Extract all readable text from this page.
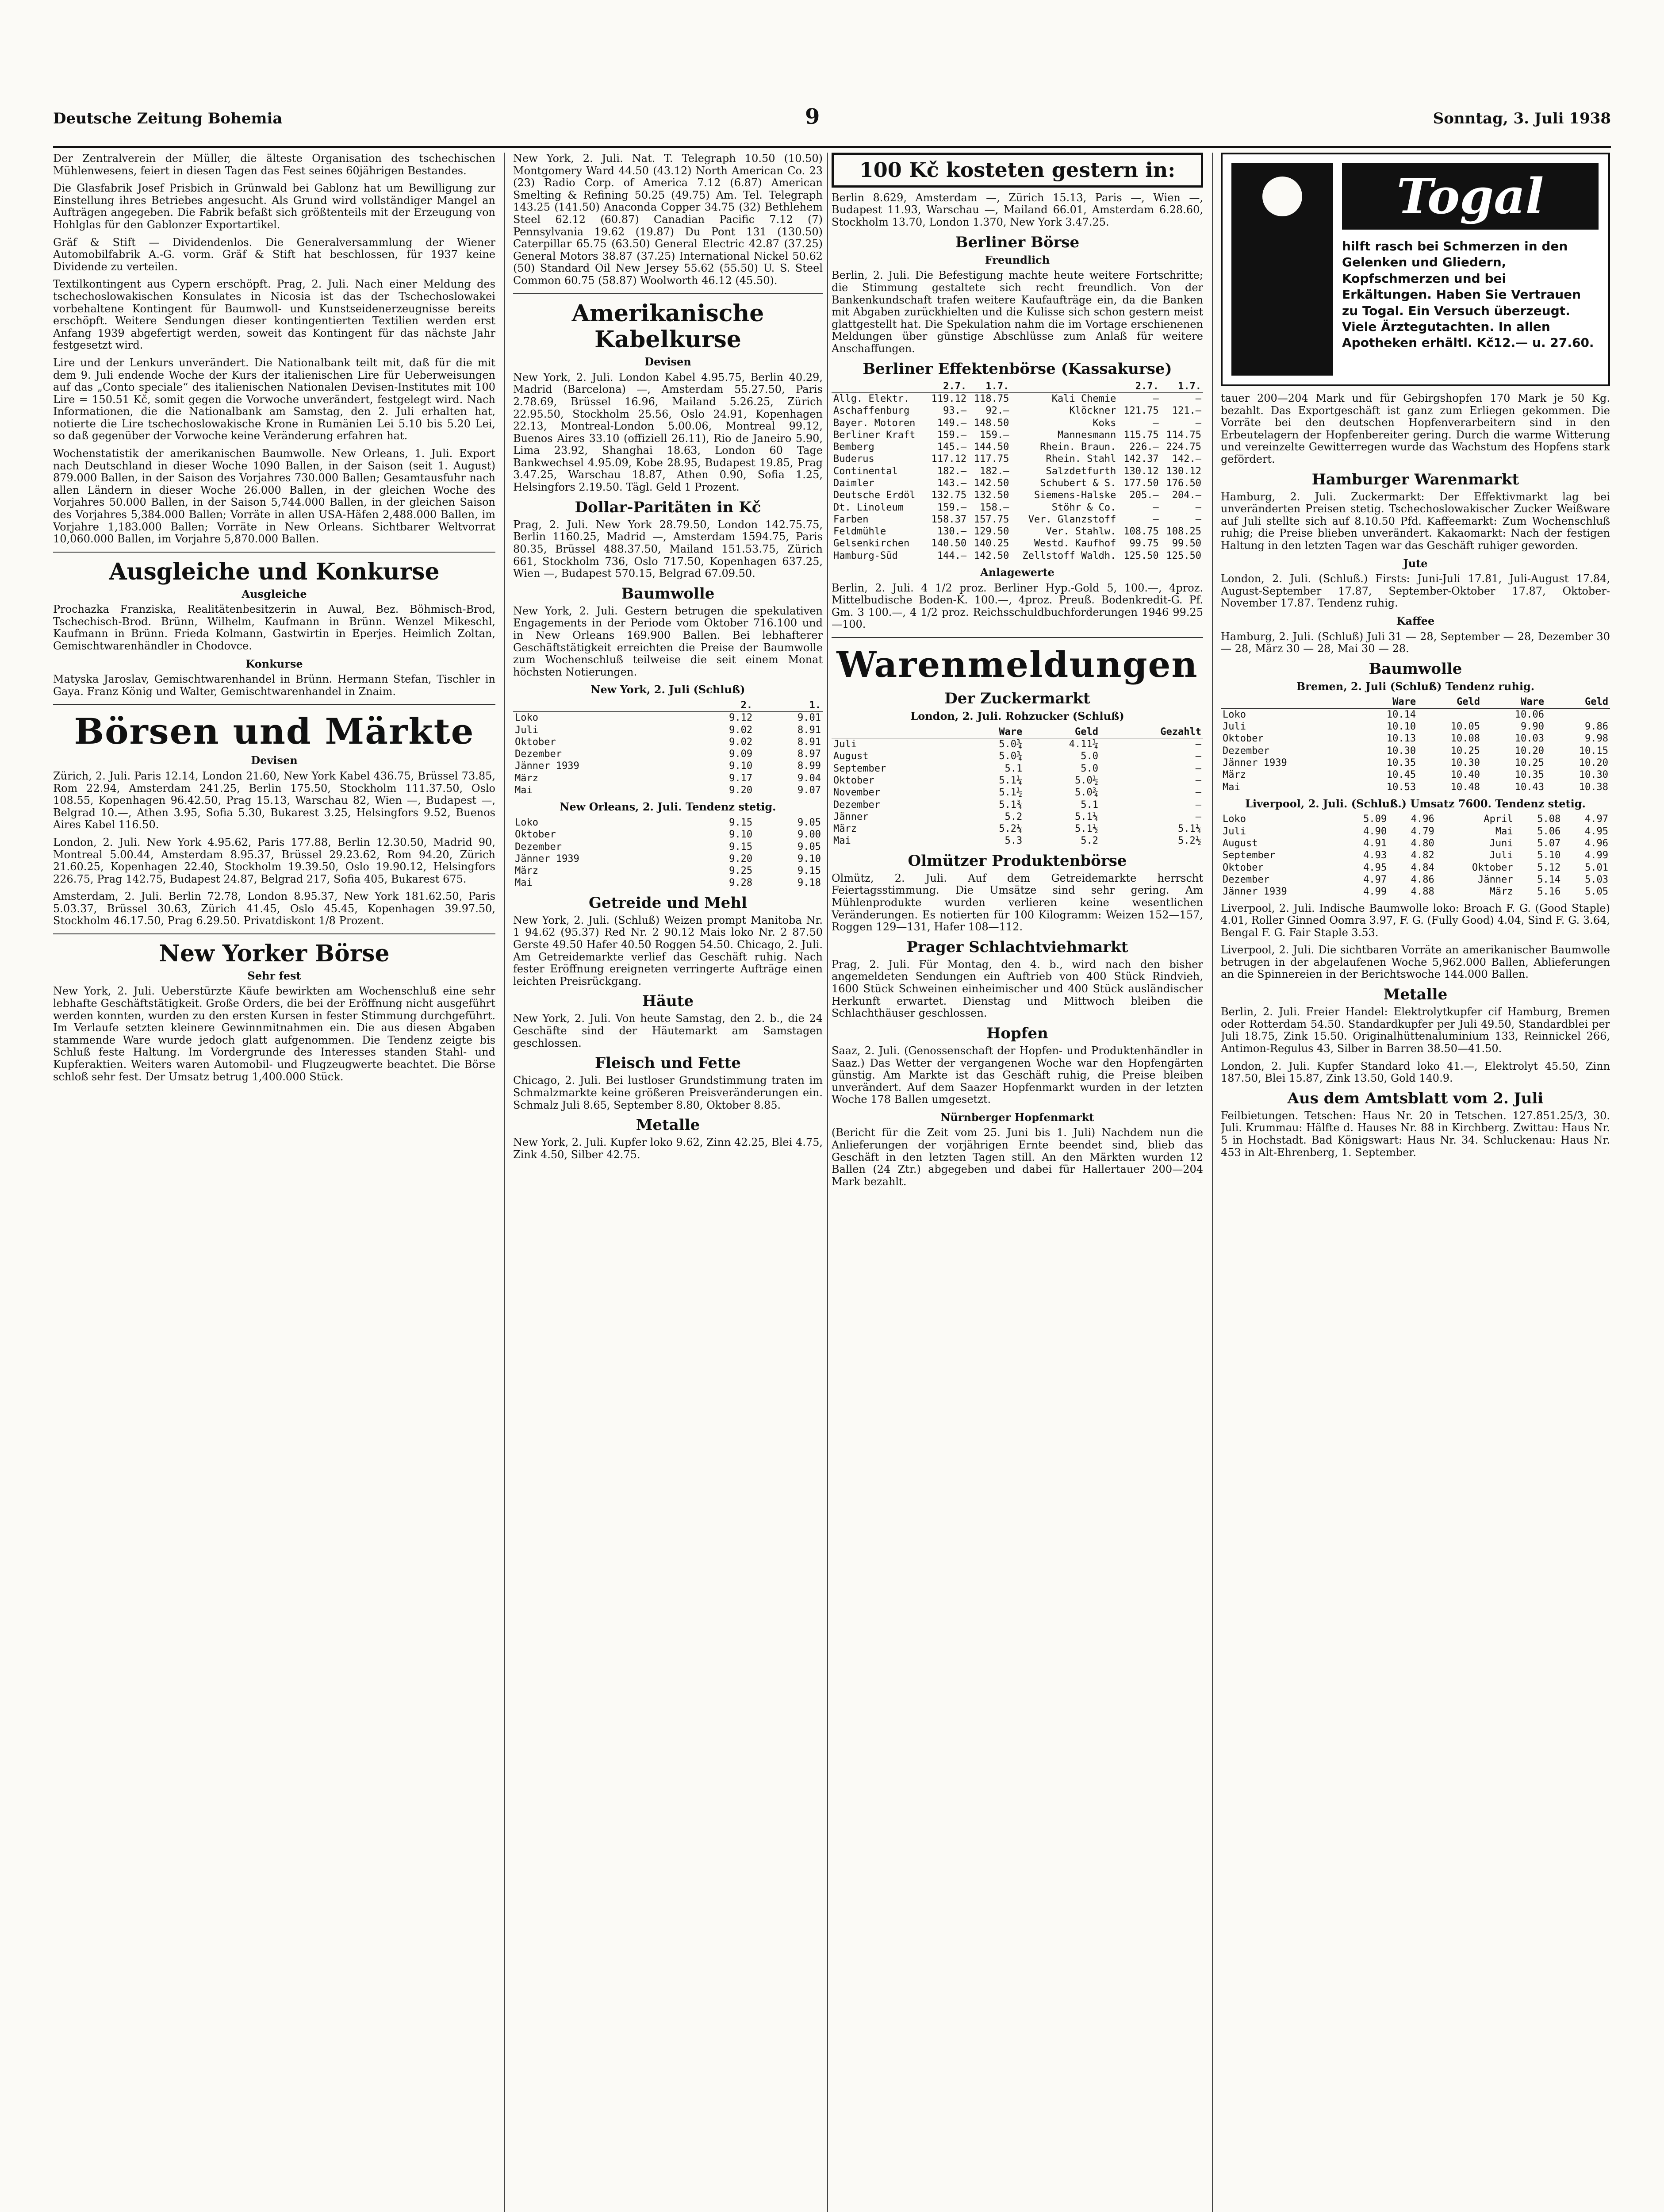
Deutsche Zeitung Bohemia	9	Sonntag, 3. Juli 1938

Der Zentralverein der Müller, die älteste Organisation des tschechischen Mühlenwesens, feiert in diesen Tagen das Fest seines 60jährigen Bestandes.

Die Glasfabrik Josef Prisbich in Grünwald bei Gablonz hat um Bewilligung zur Einstellung ihres Betriebes angesucht. Als Grund wird vollständiger Mangel an Aufträgen angegeben. Die Fabrik befaßt sich größtenteils mit der Erzeugung von Hohlglas für den Gablonzer Exportartikel.

Gräf & Stift — Dividendenlos. Die Generalversammlung der Wiener Automobilfabrik A.-G. vorm. Gräf & Stift hat beschlossen, für 1937 keine Dividende zu verteilen.

Textilkontingent aus Cypern erschöpft. Prag, 2. Juli. Nach einer Meldung des tschechoslowakischen Konsulates in Nicosia ist das der Tschechoslowakei vorbehaltene Kontingent für Baumwoll- und Kunstseidenerzeugnisse bereits erschöpft. Weitere Sendungen dieser kontingentierten Textilien werden erst Anfang 1939 abgefertigt werden, soweit das Kontingent für das nächste Jahr festgesetzt wird.

Lire und der Lenkurs unverändert. Die Nationalbank teilt mit, daß für die mit dem 9. Juli endende Woche der Kurs der italienischen Lire für Ueberweisungen auf das „Conto speciale“ des italienischen Nationalen Devisen-Institutes mit 100 Lire = 150.51 Kč, somit gegen die Vorwoche unverändert, festgelegt wird. Nach Informationen, die die Nationalbank am Samstag, den 2. Juli erhalten hat, notierte die Lire tschechoslowakische Krone in Rumänien Lei 5.10 bis 5.20 Lei, so daß gegenüber der Vorwoche keine Veränderung erfahren hat.

Wochenstatistik der amerikanischen Baumwolle. New Orleans, 1. Juli. Export nach Deutschland in dieser Woche 1090 Ballen, in der Saison (seit 1. August) 879.000 Ballen, in der Saison des Vorjahres 730.000 Ballen; Gesamtausfuhr nach allen Ländern in dieser Woche 26.000 Ballen, in der gleichen Woche des Vorjahres 50.000 Ballen, in der Saison 5,744.000 Ballen, in der gleichen Saison des Vorjahres 5,384.000 Ballen; Vorräte in allen USA-Häfen 2,488.000 Ballen, im Vorjahre 1,183.000 Ballen; Vorräte in New Orleans. Sichtbarer Weltvorrat 10,060.000 Ballen, im Vorjahre 5,870.000 Ballen.

Ausgleiche und Konkurse
Ausgleiche

Prochazka Franziska, Realitätenbesitzerin in Auwal, Bez. Böhmisch-Brod, Tschechisch-Brod. Brünn, Wilhelm, Kaufmann in Brünn. Wenzel Mikeschl, Kaufmann in Brünn. Frieda Kolmann, Gastwirtin in Eperjes. Heimlich Zoltan, Gemischtwarenhändler in Chodovce.

Konkurse

Matyska Jaroslav, Gemischtwarenhandel in Brünn. Hermann Stefan, Tischler in Gaya. Franz König und Walter, Gemischtwarenhandel in Znaim.

Börsen und Märkte
Devisen

Zürich, 2. Juli. Paris 12.14, London 21.60, New York Kabel 436.75, Brüssel 73.85, Rom 22.94, Amsterdam 241.25, Berlin 175.50, Stockholm 111.37.50, Oslo 108.55, Kopenhagen 96.42.50, Prag 15.13, Warschau 82, Wien —, Budapest —, Belgrad 10.—, Athen 3.95, Sofia 5.30, Bukarest 3.25, Helsingfors 9.52, Buenos Aires Kabel 116.50.

London, 2. Juli. New York 4.95.62, Paris 177.88, Berlin 12.30.50, Madrid 90, Montreal 5.00.44, Amsterdam 8.95.37, Brüssel 29.23.62, Rom 94.20, Zürich 21.60.25, Kopenhagen 22.40, Stockholm 19.39.50, Oslo 19.90.12, Helsingfors 226.75, Prag 142.75, Budapest 24.87, Belgrad 217, Sofia 405, Bukarest 675.

Amsterdam, 2. Juli. Berlin 72.78, London 8.95.37, New York 181.62.50, Paris 5.03.37, Brüssel 30.63, Zürich 41.45, Oslo 45.45, Kopenhagen 39.97.50, Stockholm 46.17.50, Prag 6.29.50. Privatdiskont 1/8 Prozent.

New Yorker Börse
Sehr fest

New York, 2. Juli. Ueberstürzte Käufe bewirkten am Wochenschluß eine sehr lebhafte Geschäftstätigkeit. Große Orders, die bei der Eröffnung nicht ausgeführt werden konnten, wurden zu den ersten Kursen in fester Stimmung durchgeführt. Im Verlaufe setzten kleinere Gewinnmitnahmen ein. Die aus diesen Abgaben stammende Ware wurde jedoch glatt aufgenommen. Die Tendenz zeigte bis Schluß feste Haltung. Im Vordergrunde des Interesses standen Stahl- und Kupferaktien. Weiters waren Automobil- und Flugzeugwerte beachtet. Die Börse schloß sehr fest. Der Umsatz betrug 1,400.000 Stück.

New York, 2. Juli. Nat. T. Telegraph 10.50 (10.50) Montgomery Ward 44.50 (43.12) North American Co. 23 (23) Radio Corp. of America 7.12 (6.87) American Smelting & Refining 50.25 (49.75) Am. Tel. Telegraph 143.25 (141.50) Anaconda Copper 34.75 (32) Bethlehem Steel 62.12 (60.87) Canadian Pacific 7.12 (7) Pennsylvania 19.62 (19.87) Du Pont 131 (130.50) Caterpillar 65.75 (63.50) General Electric 42.87 (37.25) General Motors 38.87 (37.25) International Nickel 50.62 (50) Standard Oil New Jersey 55.62 (55.50) U. S. Steel Common 60.75 (58.87) Woolworth 46.12 (45.50).

Amerikanische Kabelkurse
Devisen

New York, 2. Juli. London Kabel 4.95.75, Berlin 40.29, Madrid (Barcelona) —, Amsterdam 55.27.50, Paris 2.78.69, Brüssel 16.96, Mailand 5.26.25, Zürich 22.95.50, Stockholm 25.56, Oslo 24.91, Kopenhagen 22.13, Montreal-London 5.00.06, Montreal 99.12, Buenos Aires 33.10 (offiziell 26.11), Rio de Janeiro 5.90, Lima 23.92, Shanghai 18.63, London 60 Tage Bankwechsel 4.95.09, Kobe 28.95, Budapest 19.85, Prag 3.47.25, Warschau 18.87, Athen 0.90, Sofia 1.25, Helsingfors 2.19.50. Tägl. Geld 1 Prozent.

Dollar-Paritäten in Kč

Prag, 2. Juli. New York 28.79.50, London 142.75.75, Berlin 1160.25, Madrid —, Amsterdam 1594.75, Paris 80.35, Brüssel 488.37.50, Mailand 151.53.75, Zürich 661, Stockholm 736, Oslo 717.50, Kopenhagen 637.25, Wien —, Budapest 570.15, Belgrad 67.09.50.

Baumwolle

New York, 2. Juli. Gestern betrugen die spekulativen Engagements in der Periode vom Oktober 716.100 und in New Orleans 169.900 Ballen. Bei lebhafterer Geschäftstätigkeit erreichten die Preise der Baumwolle zum Wochenschluß teilweise die seit einem Monat höchsten Notierungen.

New York, 2. Juli (Schluß)
	2.	1.
Loko	9.12	9.01
Juli	9.02	8.91
Oktober	9.02	8.91
Dezember	9.09	8.97
Jänner 1939	9.10	8.99
März	9.17	9.04
Mai	9.20	9.07
New Orleans, 2. Juli. Tendenz stetig.
Loko	9.15	9.05
Oktober	9.10	9.00
Dezember	9.15	9.05
Jänner 1939	9.20	9.10
März	9.25	9.15
Mai	9.28	9.18
Getreide und Mehl

New York, 2. Juli. (Schluß) Weizen prompt Manitoba Nr. 1 94.62 (95.37) Red Nr. 2 90.12 Mais loko Nr. 2 87.50 Gerste 49.50 Hafer 40.50 Roggen 54.50. Chicago, 2. Juli. Am Getreidemarkte verlief das Geschäft ruhig. Nach fester Eröffnung ereigneten verringerte Aufträge einen leichten Preisrückgang.

Häute

New York, 2. Juli. Von heute Samstag, den 2. b., die 24 Geschäfte sind der Häutemarkt am Samstagen geschlossen.

Fleisch und Fette

Chicago, 2. Juli. Bei lustloser Grundstimmung traten im Schmalzmarkte keine größeren Preisveränderungen ein. Schmalz Juli 8.65, September 8.80, Oktober 8.85.

Metalle

New York, 2. Juli. Kupfer loko 9.62, Zinn 42.25, Blei 4.75, Zink 4.50, Silber 42.75.

100 Kč kosteten gestern in:

Berlin 8.629, Amsterdam —, Zürich 15.13, Paris —, Wien —, Budapest 11.93, Warschau —, Mailand 66.01, Amsterdam 6.28.60, Stockholm 13.70, London 1.370, New York 3.47.25.

Berliner Börse
Freundlich

Berlin, 2. Juli. Die Befestigung machte heute weitere Fortschritte; die Stimmung gestaltete sich recht freundlich. Von der Bankenkundschaft trafen weitere Kaufaufträge ein, da die Banken mit Abgaben zurückhielten und die Kulisse sich schon gestern meist glattgestellt hat. Die Spekulation nahm die im Vortage erschienenen Meldungen über günstige Abschlüsse zum Anlaß für weitere Anschaffungen.

Berliner Effektenbörse (Kassakurse)
	2.7.	1.7.		2.7.	1.7.
Allg. Elektr.	119.12	118.75	Kali Chemie	—	—
Aschaffenburg	93.—	92.—	Klöckner	121.75	121.—
Bayer. Motoren	149.—	148.50	Koks	—	—
Berliner Kraft	159.—	159.—	Mannesmann	115.75	114.75
Bemberg	145.—	144.50	Rhein. Braun.	226.—	224.75
Buderus	117.12	117.75	Rhein. Stahl	142.37	142.—
Continental	182.—	182.—	Salzdetfurth	130.12	130.12
Daimler	143.—	142.50	Schubert & S.	177.50	176.50
Deutsche Erdöl	132.75	132.50	Siemens-Halske	205.—	204.—
Dt. Linoleum	159.—	158.—	Stöhr & Co.	—	—
Farben	158.37	157.75	Ver. Glanzstoff	—	—
Feldmühle	130.—	129.50	Ver. Stahlw.	108.75	108.25
Gelsenkirchen	140.50	140.25	Westd. Kaufhof	99.75	99.50
Hamburg-Süd	144.—	142.50	Zellstoff Waldh.	125.50	125.50
Anlagewerte

Berlin, 2. Juli. 4 1/2 proz. Berliner Hyp.-Gold 5, 100.—, 4proz. Mittelbudische Boden-K. 100.—, 4proz. Preuß. Bodenkredit-G. Pf. Gm. 3 100.—, 4 1/2 proz. Reichsschuldbuchforderungen 1946 99.25—100.

Warenmeldungen
Der Zuckermarkt
London, 2. Juli. Rohzucker (Schluß)
	Ware	Geld	Gezahlt
Juli	5.0¾	4.11¼	—
August	5.0¾	5.0	—
September	5.1	5.0	—
Oktober	5.1¼	5.0½	—
November	5.1½	5.0¾	—
Dezember	5.1¾	5.1	—
Jänner	5.2	5.1¼	—
März	5.2¼	5.1½	5.1¼
Mai	5.3	5.2	5.2½
Olmützer Produktenbörse

Olmütz, 2. Juli. Auf dem Getreidemarkte herrscht Feiertagsstimmung. Die Umsätze sind sehr gering. Am Mühlenprodukte wurden verlieren keine wesentlichen Veränderungen. Es notierten für 100 Kilogramm: Weizen 152—157, Roggen 129—131, Hafer 108—112.

Prager Schlachtviehmarkt

Prag, 2. Juli. Für Montag, den 4. b., wird nach den bisher angemeldeten Sendungen ein Auftrieb von 400 Stück Rindvieh, 1600 Stück Schweinen einheimischer und 400 Stück ausländischer Herkunft erwartet. Dienstag und Mittwoch bleiben die Schlachthäuser geschlossen.

Hopfen

Saaz, 2. Juli. (Genossenschaft der Hopfen- und Produktenhändler in Saaz.) Das Wetter der vergangenen Woche war den Hopfengärten günstig. Am Markte ist das Geschäft ruhig, die Preise bleiben unverändert. Auf dem Saazer Hopfenmarkt wurden in der letzten Woche 178 Ballen umgesetzt.

Nürnberger Hopfenmarkt

(Bericht für die Zeit vom 25. Juni bis 1. Juli) Nachdem nun die Anlieferungen der vorjährigen Ernte beendet sind, blieb das Geschäft in den letzten Tagen still. An den Märkten wurden 12 Ballen (24 Ztr.) abgegeben und dabei für Hallertauer 200—204 Mark bezahlt.

Togal
hilft rasch bei Schmerzen in den Gelenken und Gliedern, Kopfschmerzen und bei Erkältungen. Haben Sie Vertrauen zu Togal. Ein Versuch überzeugt. Viele Ärztegutachten. In allen Apotheken erhältl. Kč12.— u. 27.60.

tauer 200—204 Mark und für Gebirgshopfen 170 Mark je 50 Kg. bezahlt. Das Exportgeschäft ist ganz zum Erliegen gekommen. Die Vorräte bei den deutschen Hopfenverarbeitern sind in den Erbeutelagern der Hopfenbereiter gering. Durch die warme Witterung und vereinzelte Gewitterregen wurde das Wachstum des Hopfens stark gefördert.

Hamburger Warenmarkt

Hamburg, 2. Juli. Zuckermarkt: Der Effektivmarkt lag bei unveränderten Preisen stetig. Tschechoslowakischer Zucker Weißware auf Juli stellte sich auf 8.10.50 Pfd. Kaffeemarkt: Zum Wochenschluß ruhig; die Preise blieben unverändert. Kakaomarkt: Nach der festigen Haltung in den letzten Tagen war das Geschäft ruhiger geworden.

Jute

London, 2. Juli. (Schluß.) Firsts: Juni-Juli 17.81, Juli-August 17.84, August-September 17.87, September-Oktober 17.87, Oktober-November 17.87. Tendenz ruhig.

Kaffee

Hamburg, 2. Juli. (Schluß) Juli 31 — 28, September — 28, Dezember 30 — 28, März 30 — 28, Mai 30 — 28.

Baumwolle
Bremen, 2. Juli (Schluß) Tendenz ruhig.
	Ware	Geld	Ware	Geld
Loko	10.14		10.06	
Juli	10.10	10.05	9.90	9.86
Oktober	10.13	10.08	10.03	9.98
Dezember	10.30	10.25	10.20	10.15
Jänner 1939	10.35	10.30	10.25	10.20
März	10.45	10.40	10.35	10.30
Mai	10.53	10.48	10.43	10.38
Liverpool, 2. Juli. (Schluß.) Umsatz 7600. Tendenz stetig.
Loko	5.09	4.96	April	5.08	4.97
Juli	4.90	4.79	Mai	5.06	4.95
August	4.91	4.80	Juni	5.07	4.96
September	4.93	4.82	Juli	5.10	4.99
Oktober	4.95	4.84	Oktober	5.12	5.01
Dezember	4.97	4.86	Jänner	5.14	5.03
Jänner 1939	4.99	4.88	März	5.16	5.05

Liverpool, 2. Juli. Indische Baumwolle loko: Broach F. G. (Good Staple) 4.01, Roller Ginned Oomra 3.97, F. G. (Fully Good) 4.04, Sind F. G. 3.64, Bengal F. G. Fair Staple 3.53.

Liverpool, 2. Juli. Die sichtbaren Vorräte an amerikanischer Baumwolle betrugen in der abgelaufenen Woche 5,962.000 Ballen, Ablieferungen an die Spinnereien in der Berichtswoche 144.000 Ballen.

Metalle

Berlin, 2. Juli. Freier Handel: Elektrolytkupfer cif Hamburg, Bremen oder Rotterdam 54.50. Standardkupfer per Juli 49.50, Standardblei per Juli 18.75, Zink 15.50. Originalhüttenaluminium 133, Reinnickel 266, Antimon-Regulus 43, Silber in Barren 38.50—41.50.

London, 2. Juli. Kupfer Standard loko 41.—, Elektrolyt 45.50, Zinn 187.50, Blei 15.87, Zink 13.50, Gold 140.9.

Aus dem Amtsblatt vom 2. Juli

Feilbietungen. Tetschen: Haus Nr. 20 in Tetschen. 127.851.25/3, 30. Juli. Krummau: Hälfte d. Hauses Nr. 88 in Kirchberg. Zwittau: Haus Nr. 5 in Hochstadt. Bad Königswart: Haus Nr. 34. Schluckenau: Haus Nr. 453 in Alt-Ehrenberg, 1. September.
